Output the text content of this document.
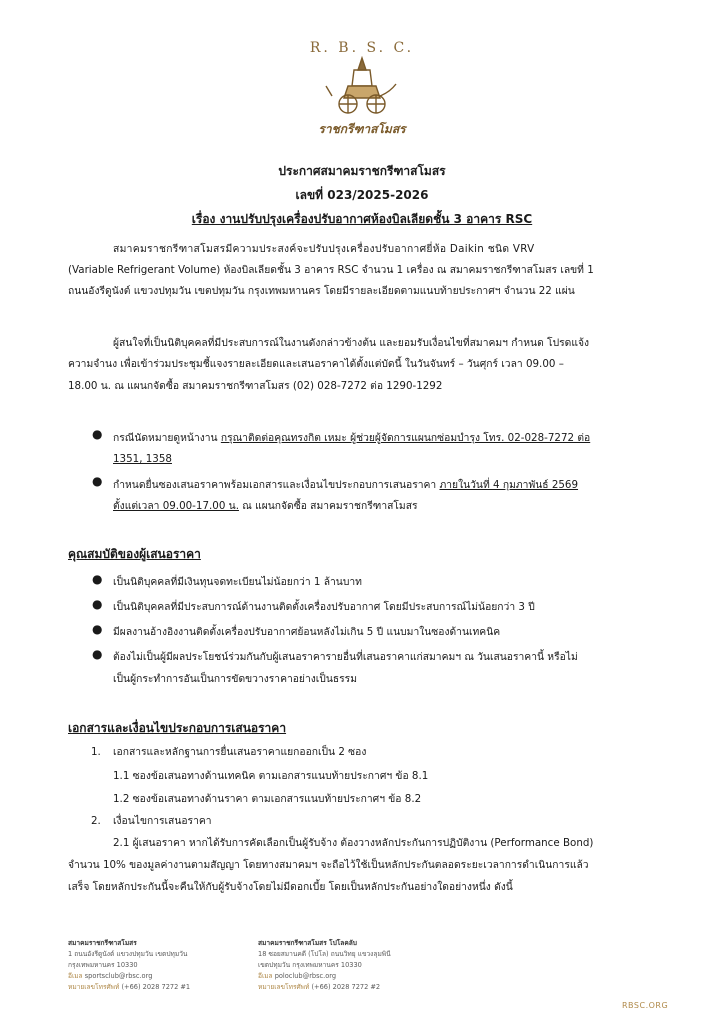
R. B. S. C.
ราชกรีฑาสโมสร
ประกาศสมาคมราชกรีฑาสโมสร
เลขที่ 023/2025-2026
เรื่อง งานปรับปรุงเครื่องปรับอากาศห้องบิลเลียดชั้น 3 อาคาร RSC
สมาคมราชกรีฑาสโมสรมีความประสงค์จะปรับปรุงเครื่องปรับอากาศยี่ห้อ Daikin ชนิด VRV
(Variable Refrigerant Volume) ห้องบิลเลียดชั้น 3 อาคาร RSC จำนวน 1 เครื่อง ณ สมาคมราชกรีฑาสโมสร เลขที่ 1
ถนนอังรีดูนังต์ แขวงปทุมวัน เขตปทุมวัน กรุงเทพมหานคร โดยมีรายละเอียดตามแนบท้ายประกาศฯ จำนวน 22 แผ่น
ผู้สนใจที่เป็นนิติบุคคลที่มีประสบการณ์ในงานดังกล่าวข้างต้น และยอมรับเงื่อนไขที่สมาคมฯ กำหนด โปรดแจ้ง
ความจำนง เพื่อเข้าร่วมประชุมชี้แจงรายละเอียดและเสนอราคาได้ตั้งแต่บัดนี้ ในวันจันทร์ – วันศุกร์ เวลา 09.00 –
18.00 น. ณ แผนกจัดซื้อ สมาคมราชกรีฑาสโมสร (02) 028-7272 ต่อ 1290-1292
● กรณีนัดหมายดูหน้างาน กรุณาติดต่อคุณทรงกิต เหมะ ผู้ช่วยผู้จัดการแผนกซ่อมบำรุง โทร. 02-028-7272 ต่อ
1351, 1358
● กำหนดยื่นซองเสนอราคาพร้อมเอกสารและเงื่อนไขประกอบการเสนอราคา ภายในวันที่ 4 กุมภาพันธ์ 2569
ตั้งแต่เวลา 09.00-17.00 น. ณ แผนกจัดซื้อ สมาคมราชกรีฑาสโมสร
คุณสมบัติของผู้เสนอราคา
● เป็นนิติบุคคลที่มีเงินทุนจดทะเบียนไม่น้อยกว่า 1 ล้านบาท
● เป็นนิติบุคคลที่มีประสบการณ์ด้านงานติดตั้งเครื่องปรับอากาศ โดยมีประสบการณ์ไม่น้อยกว่า 3 ปี
● มีผลงานอ้างอิงงานติดตั้งเครื่องปรับอากาศย้อนหลังไม่เกิน 5 ปี แนบมาในซองด้านเทคนิค
● ต้องไม่เป็นผู้มีผลประโยชน์ร่วมกันกับผู้เสนอราคารายอื่นที่เสนอราคาแก่สมาคมฯ ณ วันเสนอราคานี้ หรือไม่
เป็นผู้กระทำการอันเป็นการขัดขวางราคาอย่างเป็นธรรม
เอกสารและเงื่อนไขประกอบการเสนอราคา
1. เอกสารและหลักฐานการยื่นเสนอราคาแยกออกเป็น 2 ซอง
1.1 ซองข้อเสนอทางด้านเทคนิค ตามเอกสารแนบท้ายประกาศฯ ข้อ 8.1
1.2 ซองข้อเสนอทางด้านราคา ตามเอกสารแนบท้ายประกาศฯ ข้อ 8.2
2. เงื่อนไขการเสนอราคา
2.1 ผู้เสนอราคา หากได้รับการคัดเลือกเป็นผู้รับจ้าง ต้องวางหลักประกันการปฏิบัติงาน (Performance Bond)
จำนวน 10% ของมูลค่างานตามสัญญา โดยทางสมาคมฯ จะถือไว้ใช้เป็นหลักประกันตลอดระยะเวลาการดำเนินการแล้ว
เสร็จ โดยหลักประกันนี้จะคืนให้กับผู้รับจ้างโดยไม่มีดอกเบี้ย โดยเป็นหลักประกันอย่างใดอย่างหนึ่ง ดังนี้
สมาคมราชกรีฑาสโมสร
1 ถนนอังรีดูนังต์ แขวงปทุมวัน เขตปทุมวัน
กรุงเทพมหานคร 10330
อีเมล sportsclub@rbsc.org
หมายเลขโทรศัพท์ (+66) 2028 7272 #1
สมาคมราชกรีฑาสโมสร โปโลคลับ
18 ซอยสมานคดี (โปโล) ถนนวิทยุ แขวงลุมพินี
เขตปทุมวัน กรุงเทพมหานคร 10330
อีเมล poloclub@rbsc.org
หมายเลขโทรศัพท์ (+66) 2028 7272 #2
RBSC.ORG
